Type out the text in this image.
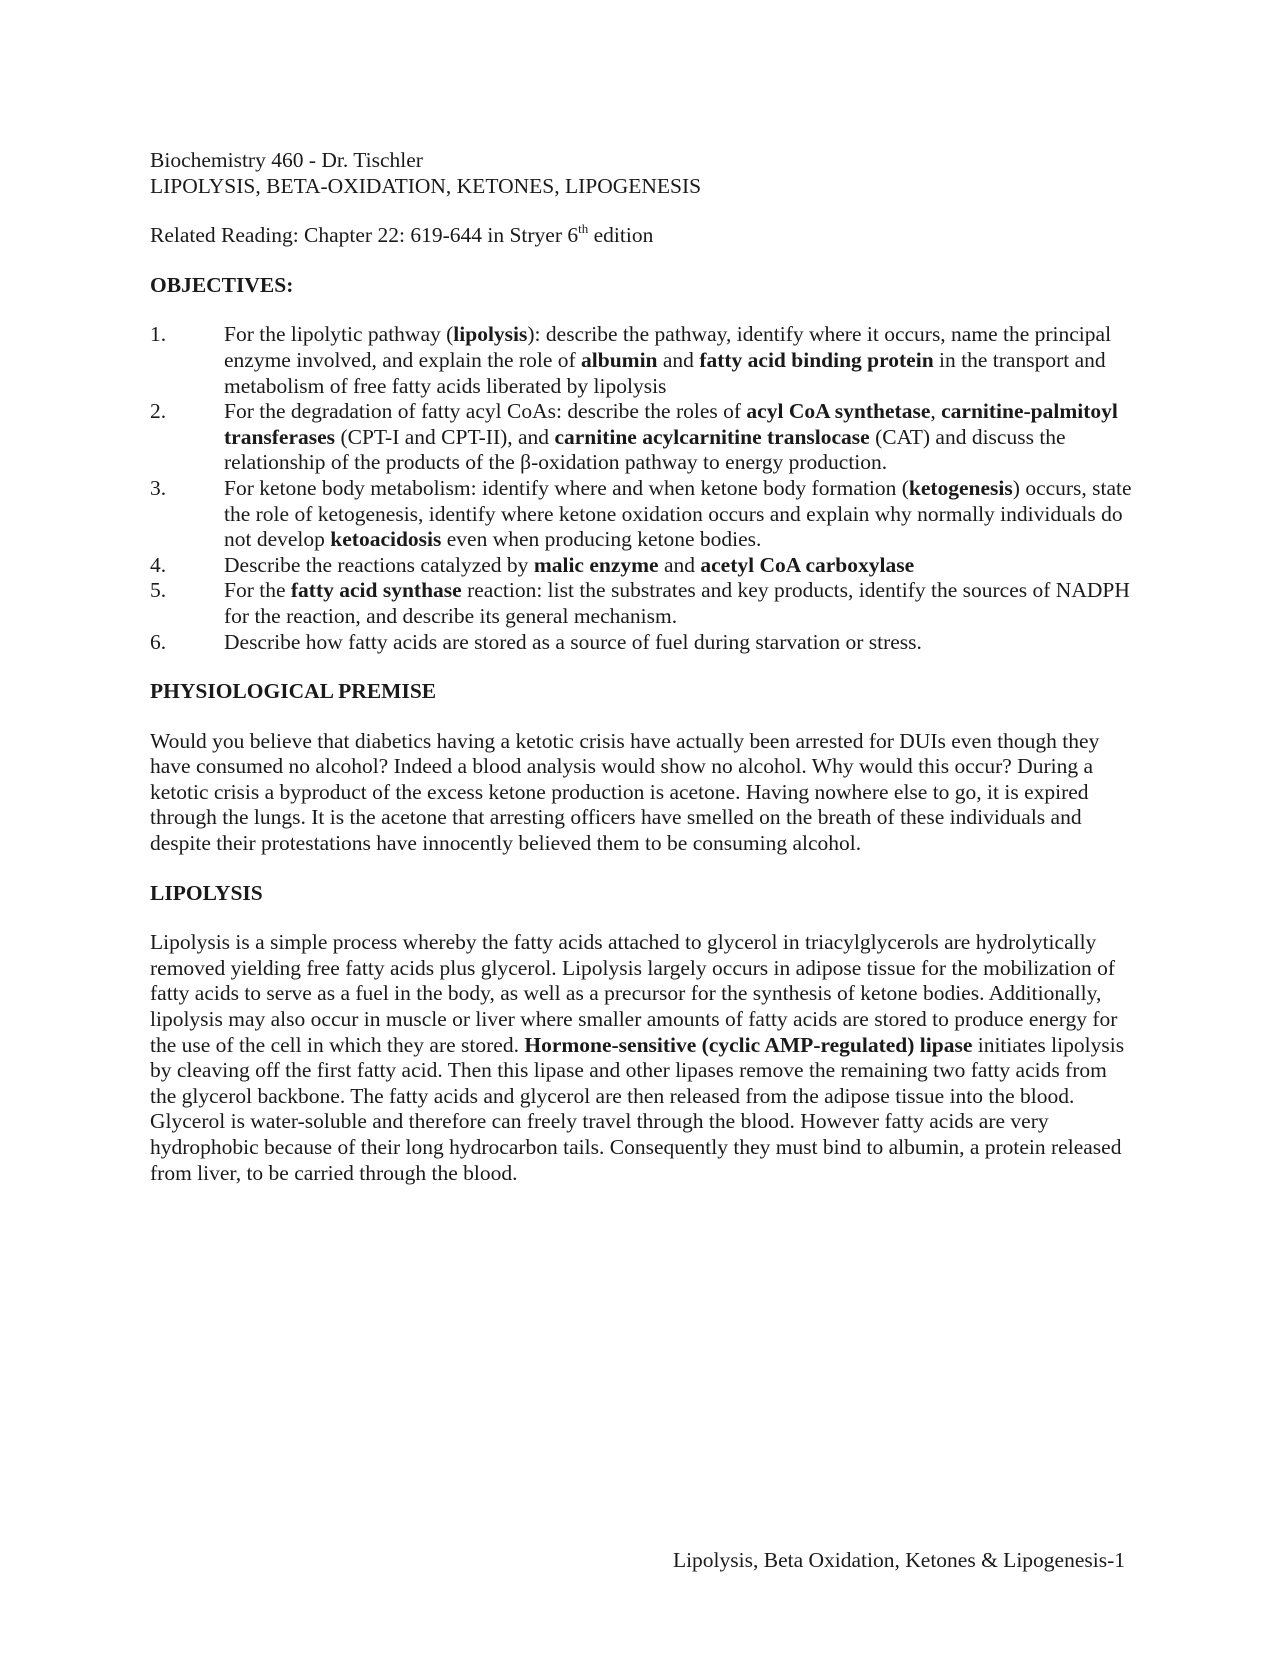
Biochemistry 460 - Dr. Tischler
LIPOLYSIS, BETA-OXIDATION, KETONES, LIPOGENESIS
Related Reading: Chapter 22: 619-644 in Stryer 6th edition
OBJECTIVES:
1.	For the lipolytic pathway (lipolysis): describe the pathway, identify where it occurs, name the principal enzyme involved, and explain the role of albumin and fatty acid binding protein in the transport and metabolism of free fatty acids liberated by lipolysis
2.	For the degradation of fatty acyl CoAs: describe the roles of acyl CoA synthetase, carnitine-palmitoyl transferases (CPT-I and CPT-II), and carnitine acylcarnitine translocase (CAT) and discuss the relationship of the products of the β-oxidation pathway to energy production.
3.	For ketone body metabolism: identify where and when ketone body formation (ketogenesis) occurs, state the role of ketogenesis, identify where ketone oxidation occurs and explain why normally individuals do not develop ketoacidosis even when producing ketone bodies.
4.	Describe the reactions catalyzed by malic enzyme and acetyl CoA carboxylase
5.	For the fatty acid synthase reaction: list the substrates and key products, identify the sources of NADPH for the reaction, and describe its general mechanism.
6.	Describe how fatty acids are stored as a source of fuel during starvation or stress.
PHYSIOLOGICAL PREMISE
Would you believe that diabetics having a ketotic crisis have actually been arrested for DUIs even though they have consumed no alcohol? Indeed a blood analysis would show no alcohol. Why would this occur? During a ketotic crisis a byproduct of the excess ketone production is acetone. Having nowhere else to go, it is expired through the lungs. It is the acetone that arresting officers have smelled on the breath of these individuals and despite their protestations have innocently believed them to be consuming alcohol.
LIPOLYSIS
Lipolysis is a simple process whereby the fatty acids attached to glycerol in triacylglycerols are hydrolytically removed yielding free fatty acids plus glycerol. Lipolysis largely occurs in adipose tissue for the mobilization of fatty acids to serve as a fuel in the body, as well as a precursor for the synthesis of ketone bodies. Additionally, lipolysis may also occur in muscle or liver where smaller amounts of fatty acids are stored to produce energy for the use of the cell in which they are stored. Hormone-sensitive (cyclic AMP-regulated) lipase initiates lipolysis by cleaving off the first fatty acid. Then this lipase and other lipases remove the remaining two fatty acids from the glycerol backbone. The fatty acids and glycerol are then released from the adipose tissue into the blood. Glycerol is water-soluble and therefore can freely travel through the blood. However fatty acids are very hydrophobic because of their long hydrocarbon tails. Consequently they must bind to albumin, a protein released from liver, to be carried through the blood.
Lipolysis, Beta Oxidation, Ketones & Lipogenesis-1
